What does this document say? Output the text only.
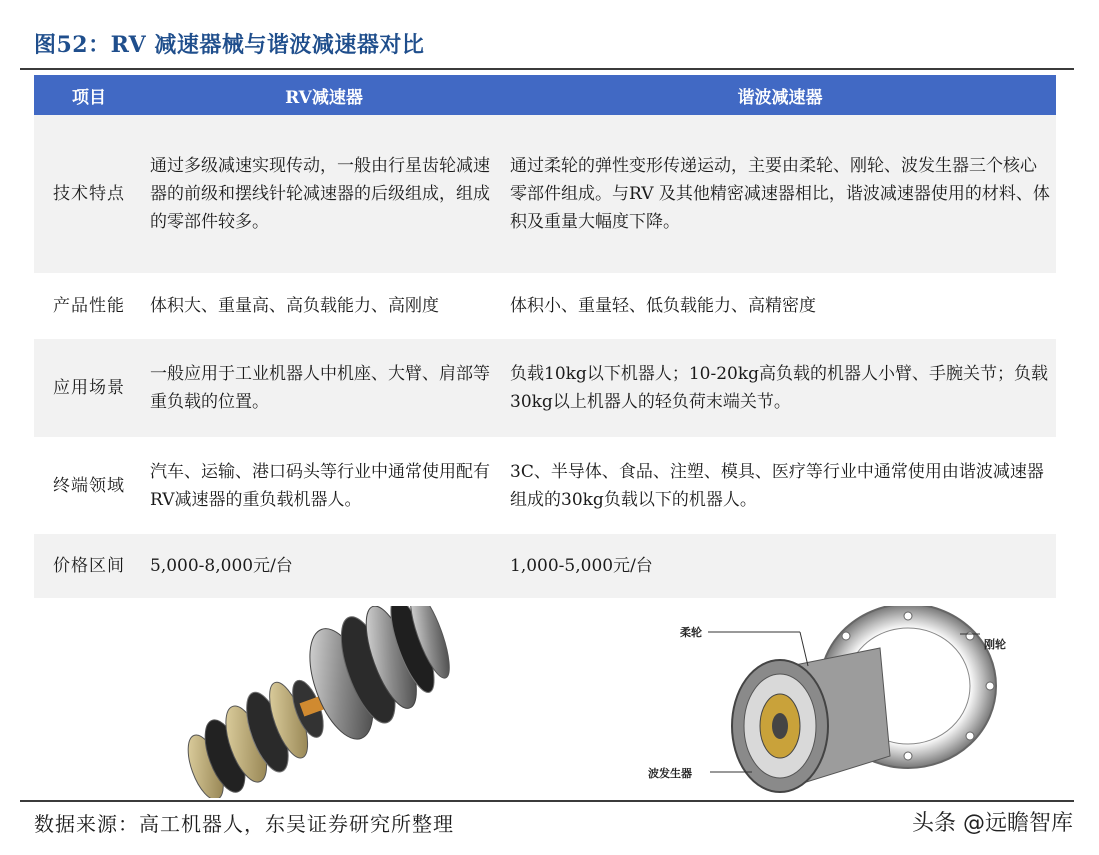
图52：RV 减速器械与谐波减速器对比
项目	RV减速器	谐波减速器
技术特点	通过多级减速实现传动，一般由行星齿轮减速器的前级和摆线针轮减速器的后级组成，组成的零部件较多。	通过柔轮的弹性变形传递运动，主要由柔轮、刚轮、波发生器三个核心零部件组成。与RV 及其他精密减速器相比，谐波减速器使用的材料、体积及重量大幅度下降。
产品性能	体积大、重量高、高负载能力、高刚度	体积小、重量轻、低负载能力、高精密度
应用场景	一般应用于工业机器人中机座、大臂、肩部等重负载的位置。	负载10kg以下机器人；10-20kg高负载的机器人小臂、手腕关节；负载30kg以上机器人的轻负荷末端关节。
终端领域	汽车、运输、港口码头等行业中通常使用配有RV减速器的重负载机器人。	3C、半导体、食品、注塑、模具、医疗等行业中通常使用由谐波减速器组成的30kg负载以下的机器人。
价格区间	5,000-8,000元/台	1,000-5,000元/台
柔轮
刚轮
波发生器
数据来源：高工机器人，东吴证券研究所整理	头条 @远瞻智库
